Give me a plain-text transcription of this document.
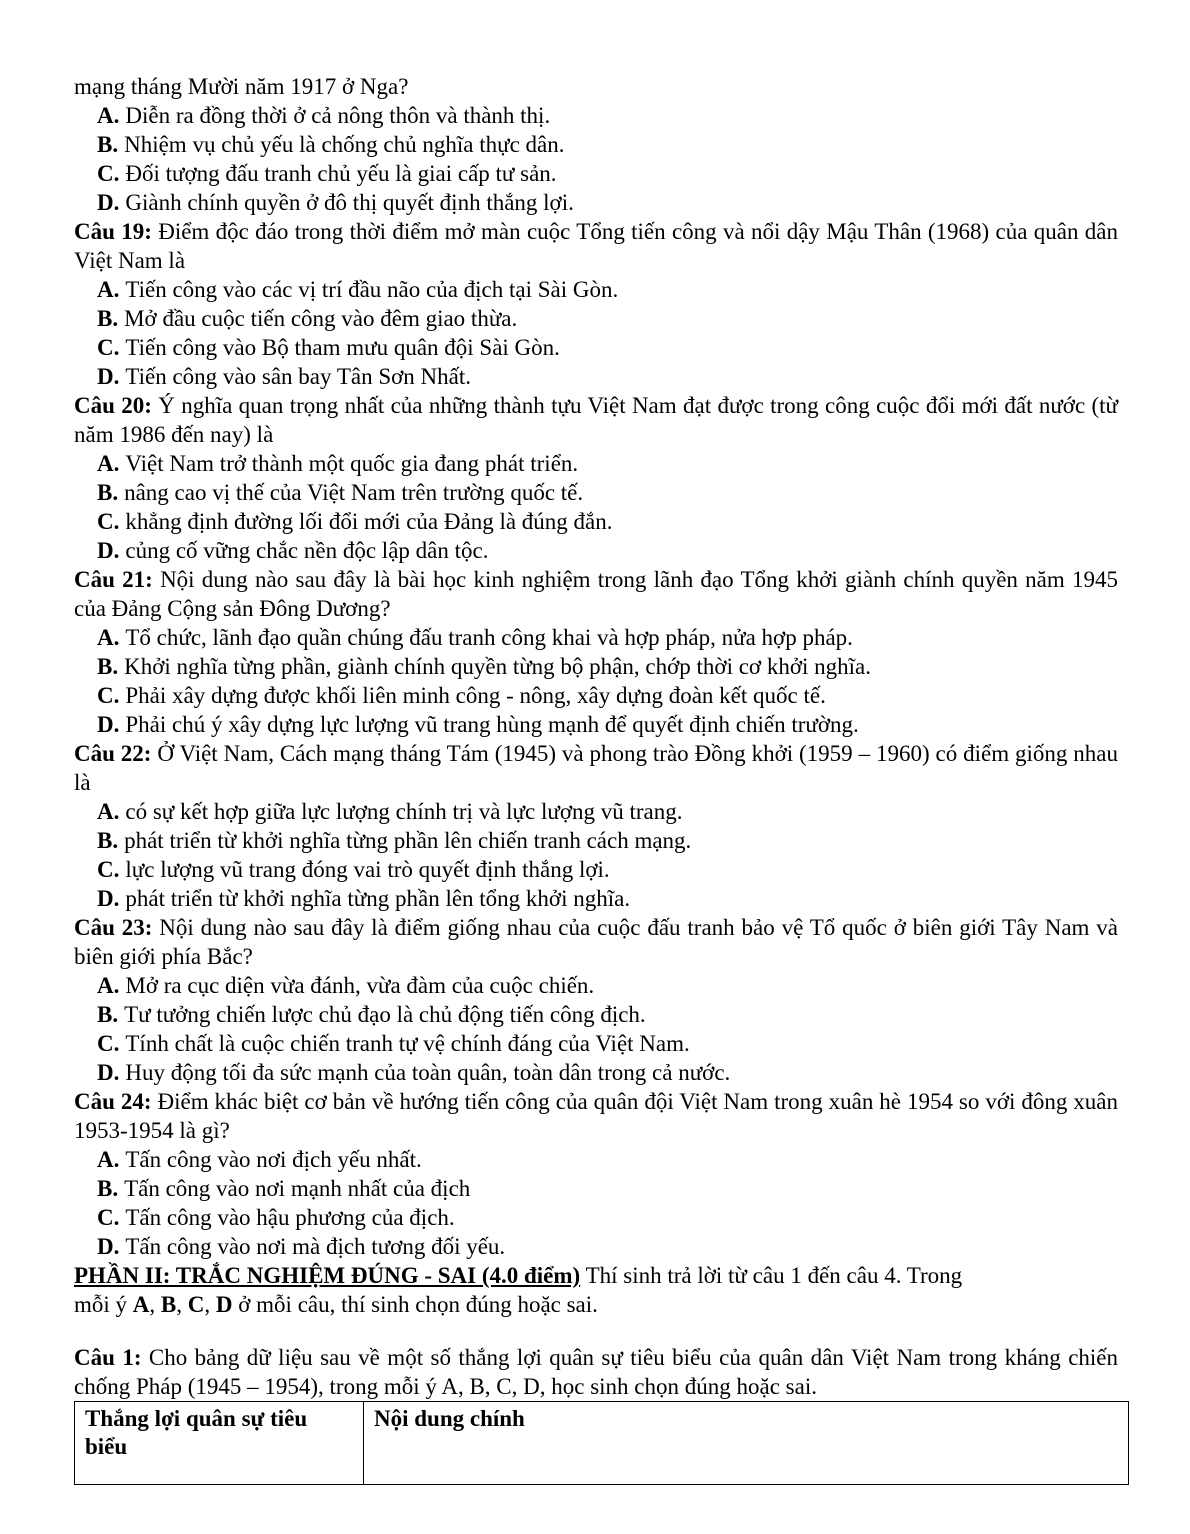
mạng tháng Mười năm 1917 ở Nga?
A. Diễn ra đồng thời ở cả nông thôn và thành thị.
B. Nhiệm vụ chủ yếu là chống chủ nghĩa thực dân.
C. Đối tượng đấu tranh chủ yếu là giai cấp tư sản.
D. Giành chính quyền ở đô thị quyết định thắng lợi.
Câu 19: Điểm độc đáo trong thời điểm mở màn cuộc Tổng tiến công và nổi dậy Mậu Thân (1968) của quân dân Việt Nam là
A. Tiến công vào các vị trí đầu não của địch tại Sài Gòn.
B. Mở đầu cuộc tiến công vào đêm giao thừa.
C. Tiến công vào Bộ tham mưu quân đội Sài Gòn.
D. Tiến công vào sân bay Tân Sơn Nhất.
Câu 20: Ý nghĩa quan trọng nhất của những thành tựu Việt Nam đạt được trong công cuộc đổi mới đất nước (từ năm 1986 đến nay) là
A. Việt Nam trở thành một quốc gia đang phát triển.
B. nâng cao vị thế của Việt Nam trên trường quốc tế.
C. khẳng định đường lối đổi mới của Đảng là đúng đắn.
D. củng cố vững chắc nền độc lập dân tộc.
Câu 21: Nội dung nào sau đây là bài học kinh nghiệm trong lãnh đạo Tổng khởi giành chính quyền năm 1945 của Đảng Cộng sản Đông Dương?
A. Tổ chức, lãnh đạo quần chúng đấu tranh công khai và hợp pháp, nửa hợp pháp.
B. Khởi nghĩa từng phần, giành chính quyền từng bộ phận, chớp thời cơ khởi nghĩa.
C. Phải xây dựng được khối liên minh công - nông, xây dựng đoàn kết quốc tế.
D. Phải chú ý xây dựng lực lượng vũ trang hùng mạnh để quyết định chiến trường.
Câu 22: Ở Việt Nam, Cách mạng tháng Tám (1945) và phong trào Đồng khởi (1959 – 1960) có điểm giống nhau là
A. có sự kết hợp giữa lực lượng chính trị và lực lượng vũ trang.
B. phát triển từ khởi nghĩa từng phần lên chiến tranh cách mạng.
C. lực lượng vũ trang đóng vai trò quyết định thắng lợi.
D. phát triển từ khởi nghĩa từng phần lên tổng khởi nghĩa.
Câu 23: Nội dung nào sau đây là điểm giống nhau của cuộc đấu tranh bảo vệ Tổ quốc ở biên giới Tây Nam và biên giới phía Bắc?
A. Mở ra cục diện vừa đánh, vừa đàm của cuộc chiến.
B. Tư tưởng chiến lược chủ đạo là chủ động tiến công địch.
C. Tính chất là cuộc chiến tranh tự vệ chính đáng của Việt Nam.
D. Huy động tối đa sức mạnh của toàn quân, toàn dân trong cả nước.
Câu 24: Điểm khác biệt cơ bản về hướng tiến công của quân đội Việt Nam trong xuân hè 1954 so với đông xuân 1953-1954 là gì?
A. Tấn công vào nơi địch yếu nhất.
B. Tấn công vào nơi mạnh nhất của địch
C. Tấn công vào hậu phương của địch.
D. Tấn công vào nơi mà địch tương đối yếu.
PHẦN II: TRẮC NGHIỆM ĐÚNG - SAI (4.0 điểm) Thí sinh trả lời từ câu 1 đến câu 4. Trong
mỗi ý A, B, C, D ở mỗi câu, thí sinh chọn đúng hoặc sai.
Câu 1: Cho bảng dữ liệu sau về một số thắng lợi quân sự tiêu biểu của quân dân Việt Nam trong kháng chiến chống Pháp (1945 – 1954), trong mỗi ý A, B, C, D, học sinh chọn đúng hoặc sai.
Thắng lợi quân sự tiêu biểu	Nội dung chính
